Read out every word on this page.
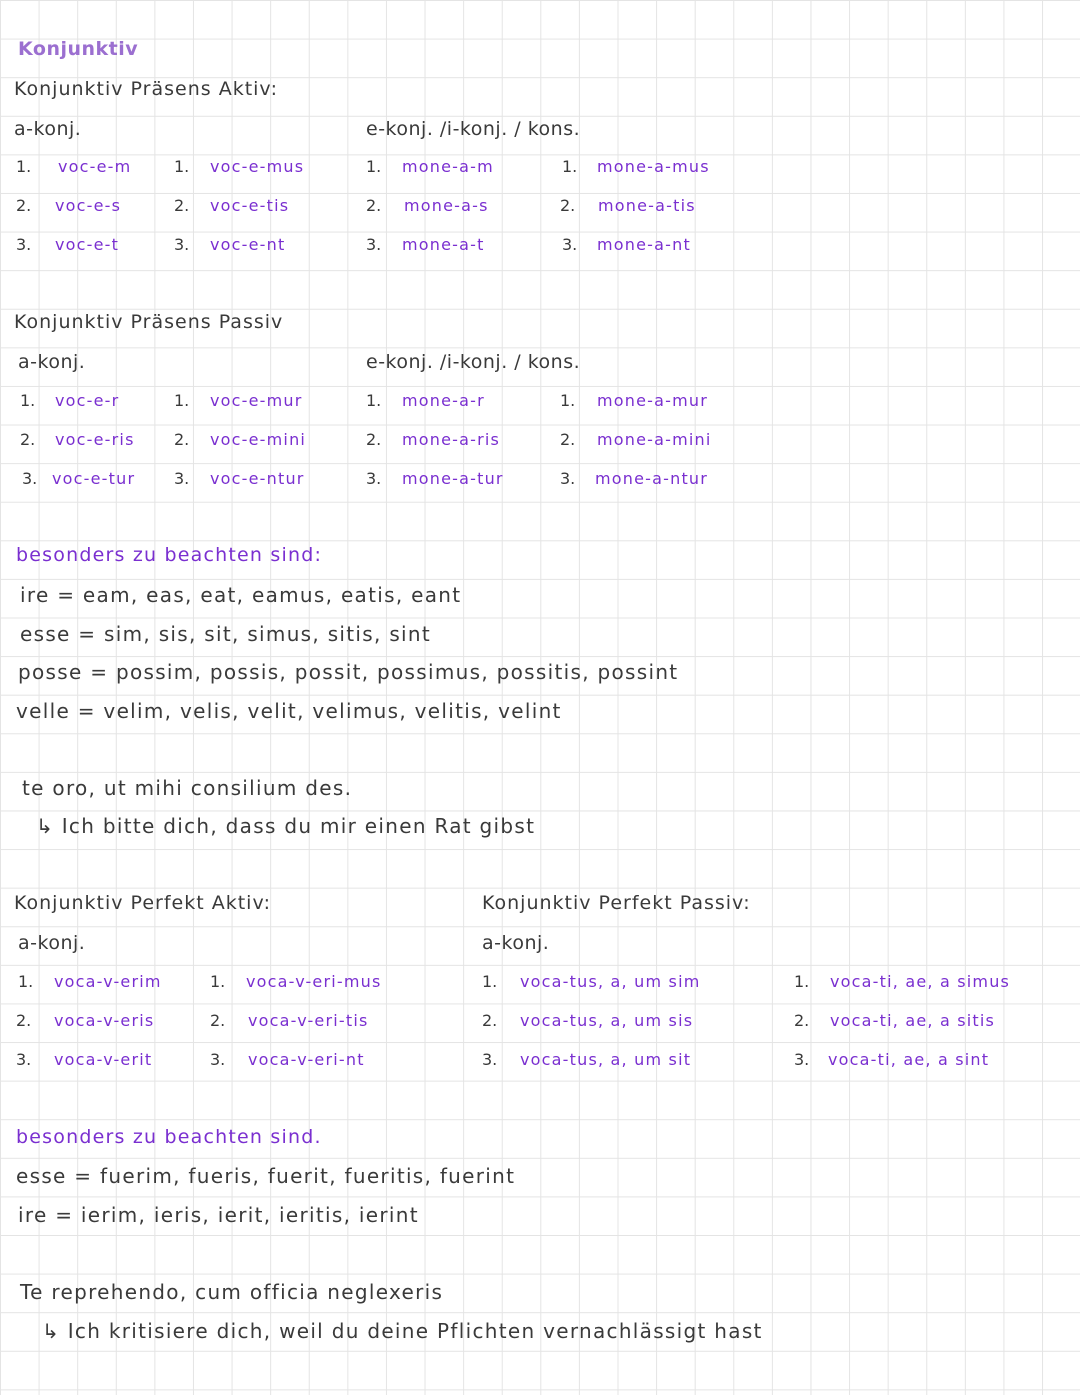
Konjunktiv
Konjunktiv Präsens Aktiv:
a-konj.	e-konj. /i-konj. / kons.
1. voc-e-m	1. voc-e-mus	1. mone-a-m	1. mone-a-mus
2. voc-e-s	2. voc-e-tis	2. mone-a-s	2. mone-a-tis
3. voc-e-t	3. voc-e-nt	3. mone-a-t	3. mone-a-nt
Konjunktiv Präsens Passiv
a-konj.	e-konj. /i-konj. / kons.
1. voc-e-r	1. voc-e-mur	1. mone-a-r	1. mone-a-mur
2. voc-e-ris 2. voc-e-mini	2. mone-a-ris	2. mone-a-mini
3. voc-e-tur 3. voc-e-ntur	3. mone-a-tur	3. mone-a-ntur
besonders zu beachten sind:
ire = eam, eas, eat, eamus, eatis, eant
esse = sim, sis, sit, simus, sitis, sint
posse = possim, possis, possit, possimus, possitis, possint
velle = velim, velis, velit, velimus, velitis, velint
te oro, ut mihi consilium des.
↳ Ich bitte dich, dass du mir einen Rat gibst
Konjunktiv Perfekt Aktiv:
a-konj.
1. voca-v-erim	1. voca-v-eri-mus
2. voca-v-eris	2. voca-v-eri-tis
3. voca-v-erit	3. voca-v-eri-nt
Konjunktiv Perfekt Passiv:
a-konj.
1. voca-tus, a, um sim	1. voca-ti, ae, a simus
2. voca-tus, a, um sis	2. voca-ti, ae, a sitis
3. voca-tus, a, um sit	3. voca-ti, ae, a sint
besonders zu beachten sind.
esse = fuerim, fueris, fuerit, fueritis, fuerint
ire = ierim, ieris, ierit, ieritis, ierint
Te reprehendo, cum officia neglexeris
↳ Ich kritisiere dich, weil du deine Pflichten vernachlässigt hast
